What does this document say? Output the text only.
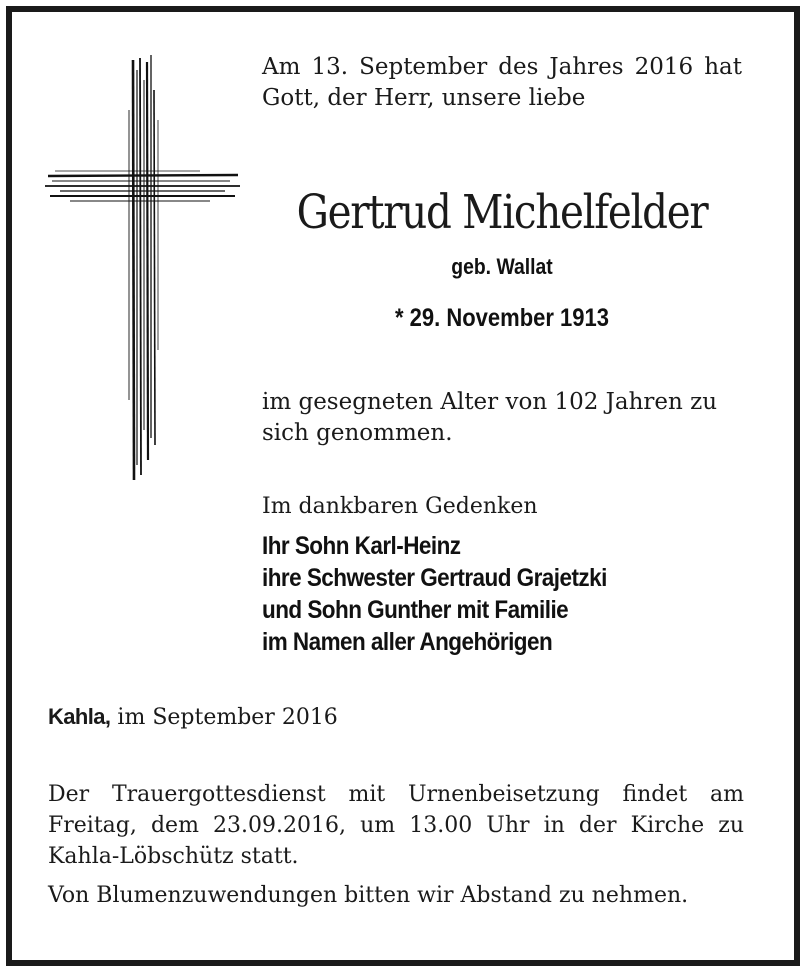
Am 13. September des Jahres 2016 hat Gott, der Herr, unsere liebe
Gertrud Michelfelder
geb. Wallat
* 29. November 1913
im gesegneten Alter von 102 Jahren zu sich genommen.
Im dankbaren Gedenken
Ihr Sohn Karl-Heinz
ihre Schwester Gertraud Grajetzki
und Sohn Gunther mit Familie
im Namen aller Angehörigen
Kahla, im September 2016
Der Trauergottesdienst mit Urnenbeisetzung findet am Freitag, dem 23.09.2016, um 13.00 Uhr in der Kirche zu Kahla-Löbschütz statt.
Von Blumenzuwendungen bitten wir Abstand zu nehmen.
